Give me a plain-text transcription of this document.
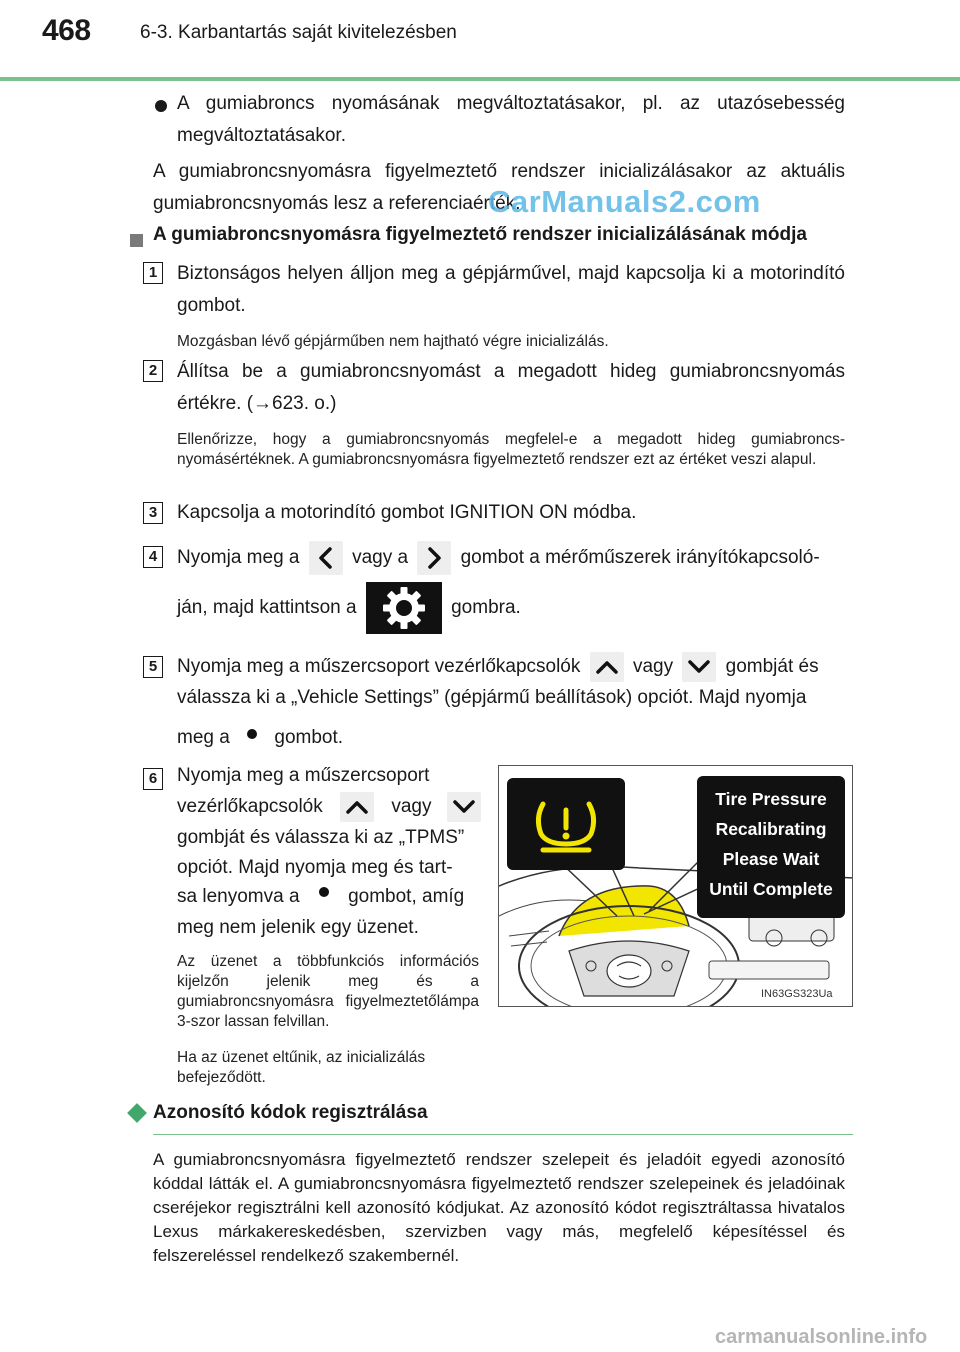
468	6-3. Karbantartás saját kivitelezésben
A gumiabroncs nyomásának megváltoztatásakor, pl. az utazósebesség megváltoztatásakor.
A gumiabroncsnyomásra figyelmeztető rendszer inicializálásakor az aktuális gumiabroncsnyomás lesz a referenciaérték.
CarManuals2.com
A gumiabroncsnyomásra figyelmeztető rendszer inicializálásának módja
1	Biztonságos helyen álljon meg a gépjárművel, majd kapcsolja ki a motorindító gombot.
Mozgásban lévő gépjárműben nem hajtható végre inicializálás.
2	Állítsa be a gumiabroncsnyomást a megadott hideg gumiabroncsnyomás értékre. (→623. o.)
Ellenőrizze, hogy a gumiabroncsnyomás megfelel-e a megadott hideg gumiabroncs-nyomásértéknek. A gumiabroncsnyomásra figyelmeztető rendszer ezt az értéket veszi alapul.
3	Kapcsolja a motorindító gombot IGNITION ON módba.
4	Nyomja meg a	vagy a	gombot a mérőműszerek irányítókapcsoló-
ján, majd kattintson a	gombra.
5	Nyomja meg a műszercsoport vezérlőkapcsolók	vagy	gombját és
válassza ki a „Vehicle Settings” (gépjármű beállítások) opciót. Majd nyomja
meg a gombot.
6	Nyomja meg a műszercsoport
vezérlőkapcsolók	vagy
gombját és válassza ki az „TPMS”
opciót. Majd nyomja meg és tart-
sa lenyomva a	gombot, amíg
meg nem jelenik egy üzenet.
Az üzenet a többfunkciós információs kijelzőn jelenik meg és a gumiabroncsnyomásra figyelmeztetőlámpa 3-szor lassan felvillan.
Ha az üzenet eltűnik, az inicializálás befejeződött.
Tire Pressure
Recalibrating
Please Wait
Until Complete
IN63GS323Ua
Azonosító kódok regisztrálása
A gumiabroncsnyomásra figyelmeztető rendszer szelepeit és jeladóit egyedi azonosító kóddal látták el. A gumiabroncsnyomásra figyelmeztető rendszer szelepeinek és jeladóinak cseréjekor regisztrálni kell azonosító kódjukat. Az azonosító kódot regisztráltassa hivatalos Lexus márkakereskedésben, szervizben vagy más, megfelelő képesítéssel és felszereléssel rendelkező szakembernél.
carmanualsonline.info
